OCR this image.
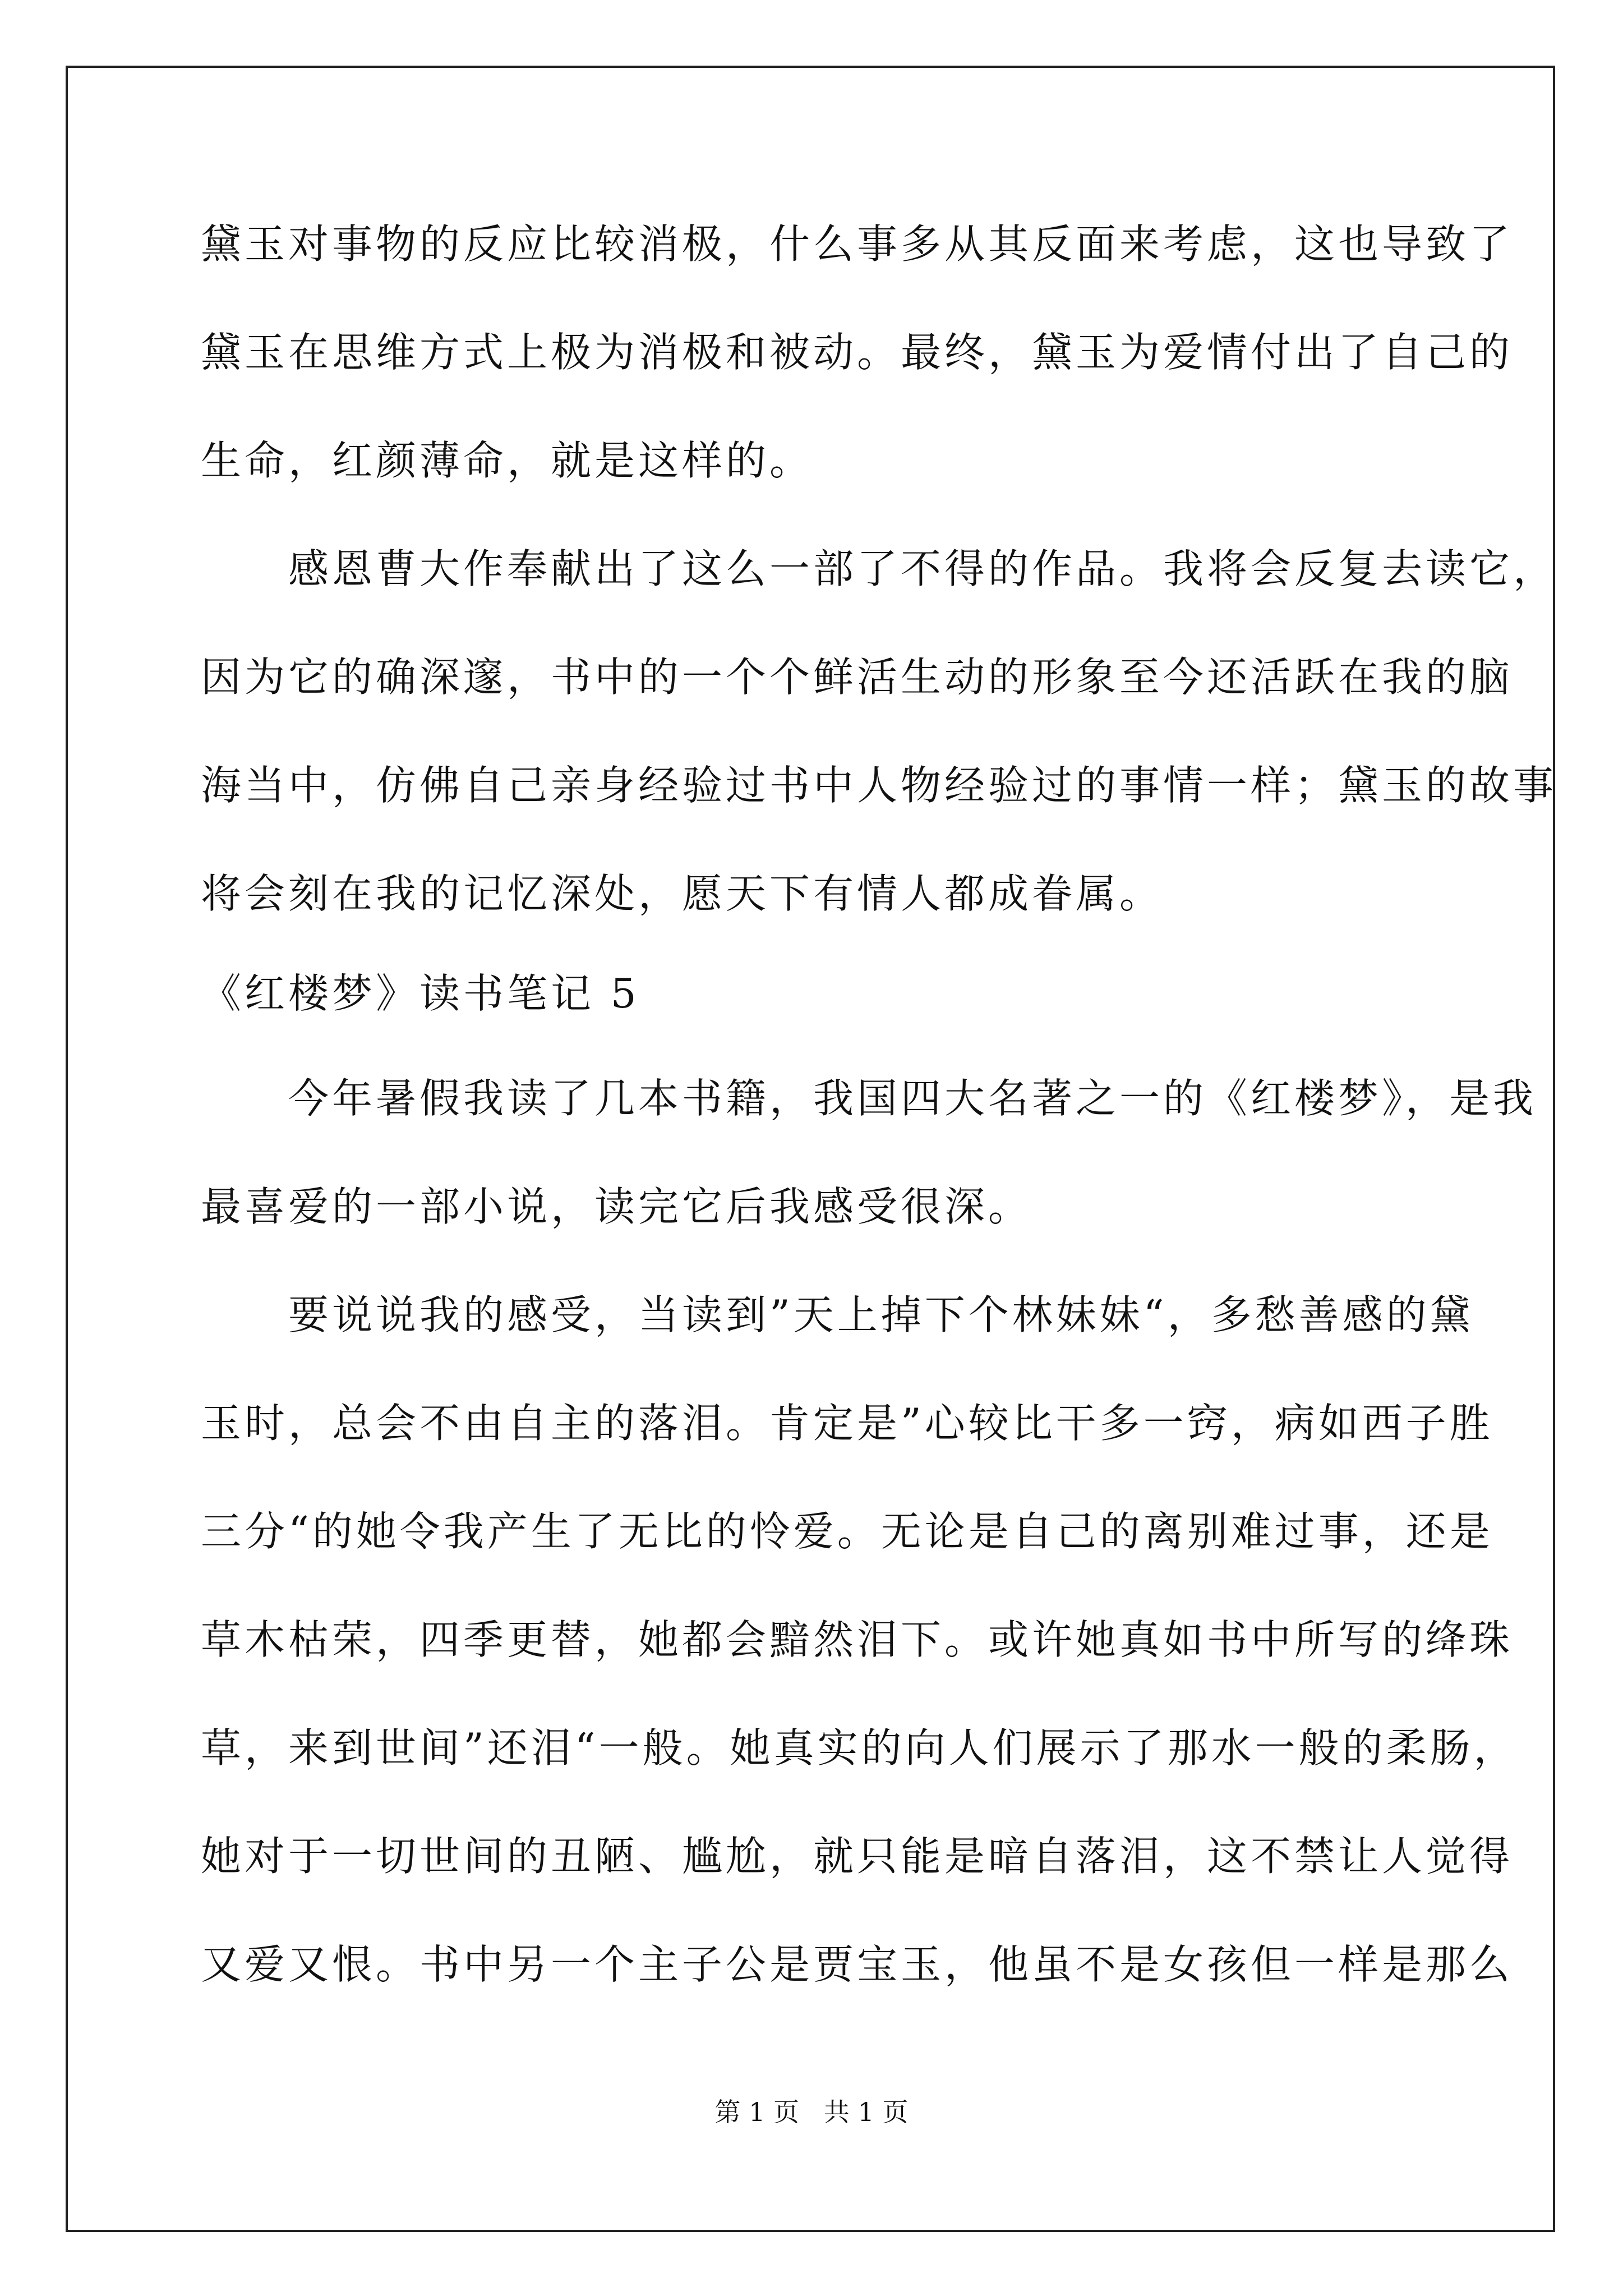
黛玉对事物的反应比较消极，什么事多从其反面来考虑，这也导致了
黛玉在思维方式上极为消极和被动。最终，黛玉为爱情付出了自己的
生命，红颜薄命，就是这样的。
　　感恩曹大作奉献出了这么一部了不得的作品。我将会反复去读它，
因为它的确深邃，书中的一个个鲜活生动的形象至今还活跃在我的脑
海当中，仿佛自己亲身经验过书中人物经验过的事情一样；黛玉的故事
将会刻在我的记忆深处，愿天下有情人都成眷属。
《红楼梦》读书笔记 5
　　今年暑假我读了几本书籍，我国四大名著之一的《红楼梦》，是我
最喜爱的一部小说，读完它后我感受很深。
　　要说说我的感受，当读到”天上掉下个林妹妹“，多愁善感的黛
玉时，总会不由自主的落泪。肯定是”心较比干多一窍，病如西子胜
三分“的她令我产生了无比的怜爱。无论是自己的离别难过事，还是
草木枯荣，四季更替，她都会黯然泪下。或许她真如书中所写的绛珠
草，来到世间”还泪“一般。她真实的向人们展示了那水一般的柔肠，
她对于一切世间的丑陋、尴尬，就只能是暗自落泪，这不禁让人觉得
又爱又恨。书中另一个主子公是贾宝玉，他虽不是女孩但一样是那么
第 1 页   共 1 页
